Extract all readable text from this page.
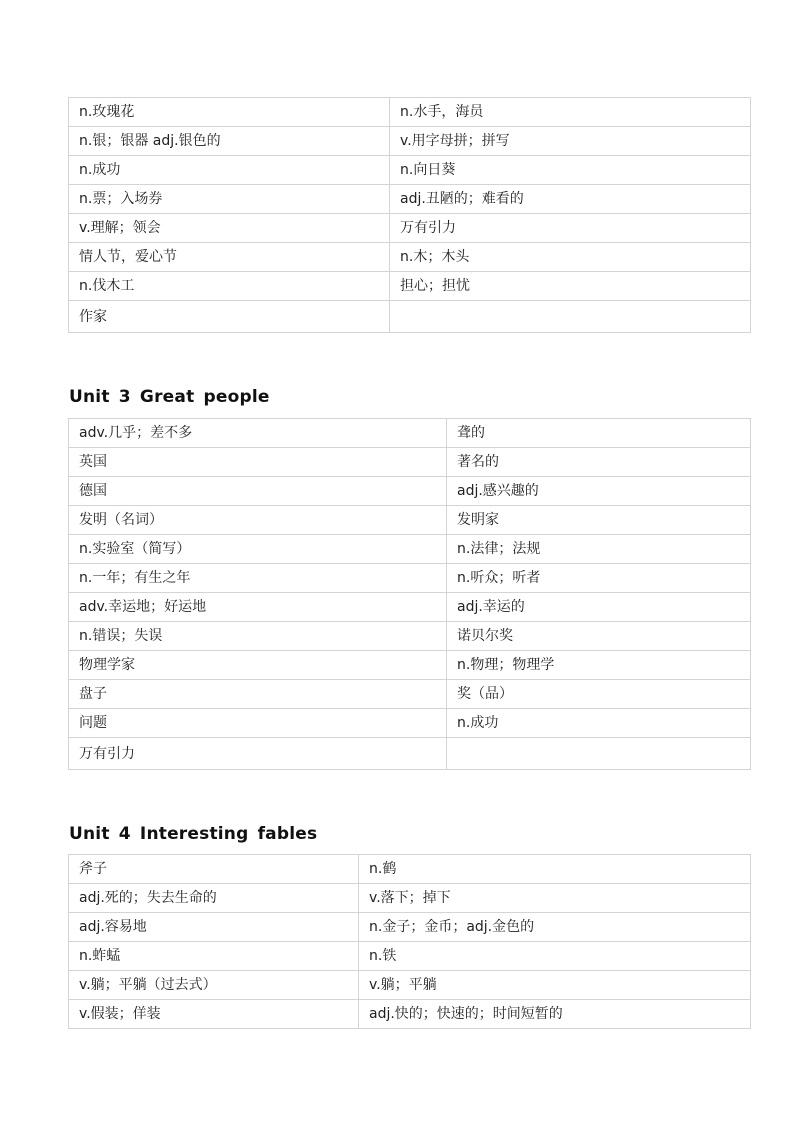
n.玫瑰花	n.水手，海员
n.银；银器 adj.银色的	v.用字母拼；拼写
n.成功	n.向日葵
n.票；入场券	adj.丑陋的；难看的
v.理解；领会	万有引力
情人节，爱心节	n.木；木头
n.伐木工	担心；担忧
作家	
Unit 3 Great people
adv.几乎；差不多	聋的
英国	著名的
德国	adj.感兴趣的
发明（名词）	发明家
n.实验室（简写）	n.法律；法规
n.一年；有生之年	n.听众；听者
adv.幸运地；好运地	adj.幸运的
n.错误；失误	诺贝尔奖
物理学家	n.物理；物理学
盘子	奖（品）
问题	n.成功
万有引力	
Unit 4 Interesting fables
斧子	n.鹤
adj.死的；失去生命的	v.落下；掉下
adj.容易地	n.金子；金币；adj.金色的
n.蚱蜢	n.铁
v.躺；平躺（过去式）	v.躺；平躺
v.假装；佯装	adj.快的；快速的；时间短暂的
